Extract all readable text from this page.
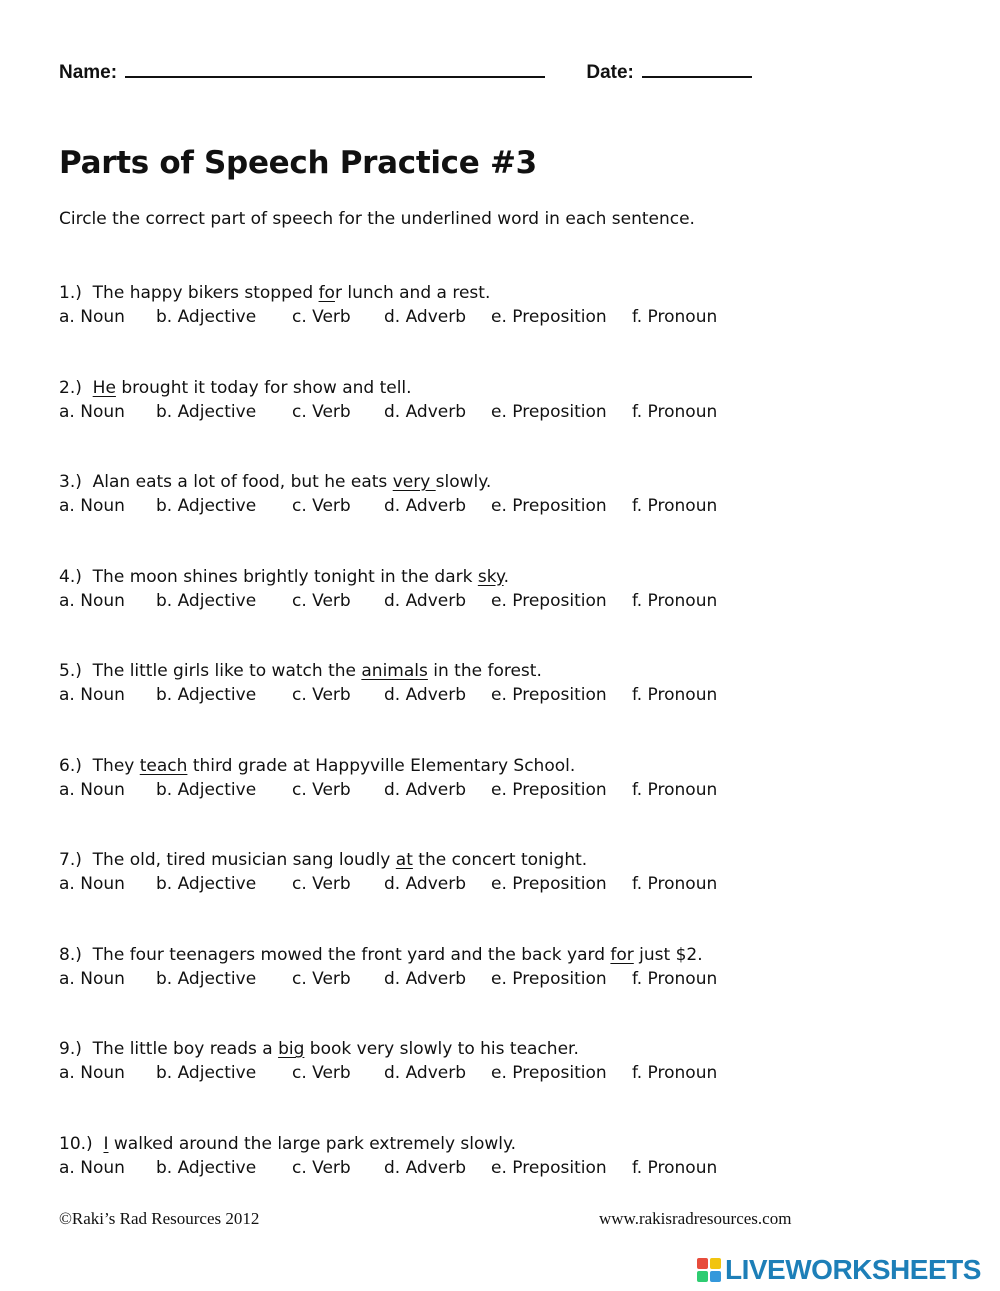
Name:	Date:
Parts of Speech Practice #3
Circle the correct part of speech for the underlined word in each sentence.
1.)  The happy bikers stopped for lunch and a rest.
a. Noun b. Adjective c. Verb d. Adverb e. Preposition f. Pronoun
2.) He brought it today for show and tell.
a. Noun b. Adjective c. Verb d. Adverb e. Preposition f. Pronoun
3.)  Alan eats a lot of food, but he eats very slowly.
a. Noun b. Adjective c. Verb d. Adverb e. Preposition f. Pronoun
4.)  The moon shines brightly tonight in the dark sky.
a. Noun b. Adjective c. Verb d. Adverb e. Preposition f. Pronoun
5.)  The little girls like to watch the animals in the forest.
a. Noun b. Adjective c. Verb d. Adverb e. Preposition f. Pronoun
6.)  They teach third grade at Happyville Elementary School.
a. Noun b. Adjective c. Verb d. Adverb e. Preposition f. Pronoun
7.)  The old, tired musician sang loudly at the concert tonight.
a. Noun b. Adjective c. Verb d. Adverb e. Preposition f. Pronoun
8.)  The four teenagers mowed the front yard and the back yard for just $2.
a. Noun b. Adjective c. Verb d. Adverb e. Preposition f. Pronoun
9.)  The little boy reads a big book very slowly to his teacher.
a. Noun b. Adjective c. Verb d. Adverb e. Preposition f. Pronoun
10.) I walked around the large park extremely slowly.
a. Noun b. Adjective c. Verb d. Adverb e. Preposition f. Pronoun
©Raki’s Rad Resources 2012	www.rakisradresources.com
LIVEWORKSHEETS
